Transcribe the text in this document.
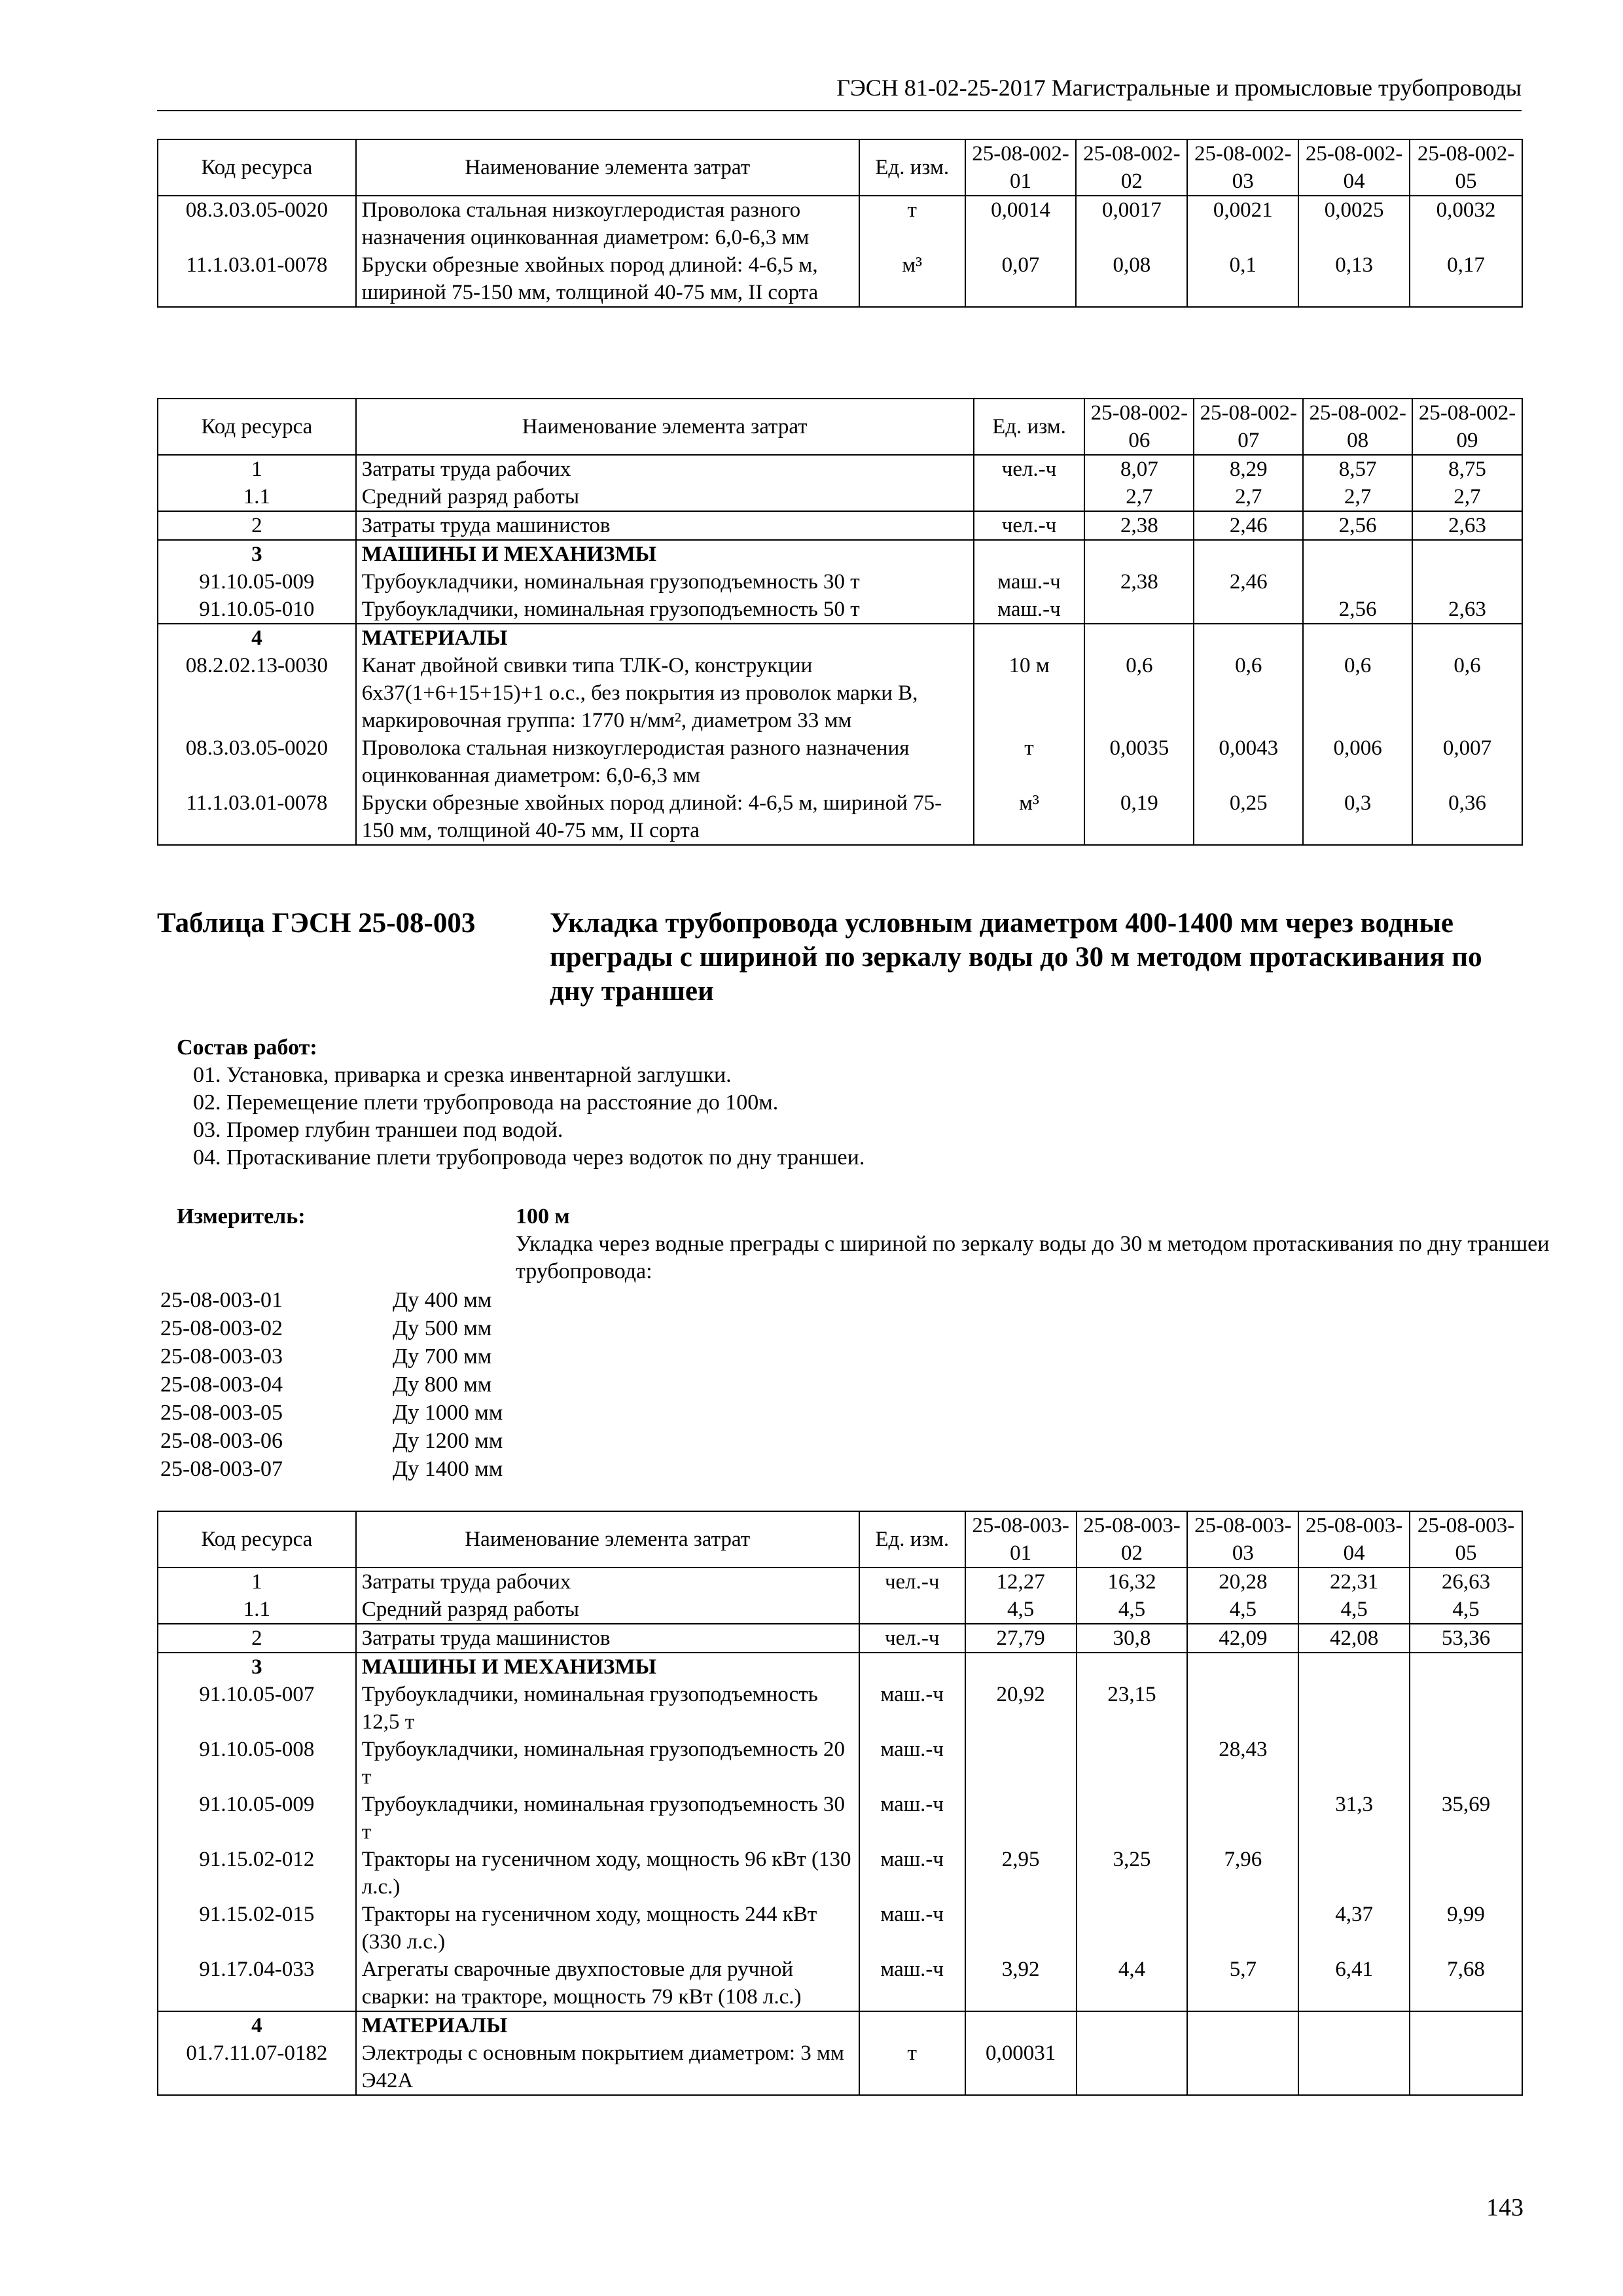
ГЭСН 81-02-25-2017 Магистральные и промысловые трубопроводы
Код ресурса	Наименование элемента затрат	Ед. изм.	25-08-002-01	25-08-002-02	25-08-002-03	25-08-002-04	25-08-002-05
08.3.03.05-0020	Проволока стальная низкоуглеродистая разного назначения оцинкованная диаметром: 6,0-6,3 мм	т	0,0014	0,0017	0,0021	0,0025	0,0032
11.1.03.01-0078	Бруски обрезные хвойных пород длиной: 4-6,5 м, шириной 75-150 мм, толщиной 40-75 мм, II сорта	м³	0,07	0,08	0,1	0,13	0,17
Код ресурса	Наименование элемента затрат	Ед. изм.	25-08-002-06	25-08-002-07	25-08-002-08	25-08-002-09
1	Затраты труда рабочих	чел.-ч	8,07	8,29	8,57	8,75
1.1	Средний разряд работы		2,7	2,7	2,7	2,7
2	Затраты труда машинистов	чел.-ч	2,38	2,46	2,56	2,63
3	МАШИНЫ И МЕХАНИЗМЫ					
91.10.05-009	Трубоукладчики, номинальная грузоподъемность 30 т	маш.-ч	2,38	2,46		
91.10.05-010	Трубоукладчики, номинальная грузоподъемность 50 т	маш.-ч			2,56	2,63
4	МАТЕРИАЛЫ					
08.2.02.13-0030	Канат двойной свивки типа ТЛК-О, конструкции 6х37(1+6+15+15)+1 о.с., без покрытия из проволок марки В, маркировочная группа: 1770 н/мм², диаметром 33 мм	10 м	0,6	0,6	0,6	0,6
08.3.03.05-0020	Проволока стальная низкоуглеродистая разного назначения оцинкованная диаметром: 6,0-6,3 мм	т	0,0035	0,0043	0,006	0,007
11.1.03.01-0078	Бруски обрезные хвойных пород длиной: 4-6,5 м, шириной 75-150 мм, толщиной 40-75 мм, II сорта	м³	0,19	0,25	0,3	0,36
Таблица ГЭСН 25-08-003	Укладка трубопровода условным диаметром 400-1400 мм через водные преграды с шириной по зеркалу воды до 30 м методом протаскивания по дну траншеи
Состав работ:
01. Установка, приварка и срезка инвентарной заглушки.
02. Перемещение плети трубопровода на расстояние до 100м.
03. Промер глубин траншеи под водой.
04. Протаскивание плети трубопровода через водоток по дну траншеи.
Измеритель:	100 м
Укладка через водные преграды с шириной по зеркалу воды до 30 м методом протаскивания по дну траншеи трубопровода:
25-08-003-01	Ду 400 мм
25-08-003-02	Ду 500 мм
25-08-003-03	Ду 700 мм
25-08-003-04	Ду 800 мм
25-08-003-05	Ду 1000 мм
25-08-003-06	Ду 1200 мм
25-08-003-07	Ду 1400 мм
Код ресурса	Наименование элемента затрат	Ед. изм.	25-08-003-01	25-08-003-02	25-08-003-03	25-08-003-04	25-08-003-05
1	Затраты труда рабочих	чел.-ч	12,27	16,32	20,28	22,31	26,63
1.1	Средний разряд работы		4,5	4,5	4,5	4,5	4,5
2	Затраты труда машинистов	чел.-ч	27,79	30,8	42,09	42,08	53,36
3	МАШИНЫ И МЕХАНИЗМЫ						
91.10.05-007	Трубоукладчики, номинальная грузоподъемность 12,5 т	маш.-ч	20,92	23,15			
91.10.05-008	Трубоукладчики, номинальная грузоподъемность 20 т	маш.-ч			28,43		
91.10.05-009	Трубоукладчики, номинальная грузоподъемность 30 т	маш.-ч				31,3	35,69
91.15.02-012	Тракторы на гусеничном ходу, мощность 96 кВт (130 л.с.)	маш.-ч	2,95	3,25	7,96		
91.15.02-015	Тракторы на гусеничном ходу, мощность 244 кВт (330 л.с.)	маш.-ч				4,37	9,99
91.17.04-033	Агрегаты сварочные двухпостовые для ручной сварки: на тракторе, мощность 79 кВт (108 л.с.)	маш.-ч	3,92	4,4	5,7	6,41	7,68
4	МАТЕРИАЛЫ						
01.7.11.07-0182	Электроды с основным покрытием диаметром: 3 мм Э42А	т	0,00031				
143
